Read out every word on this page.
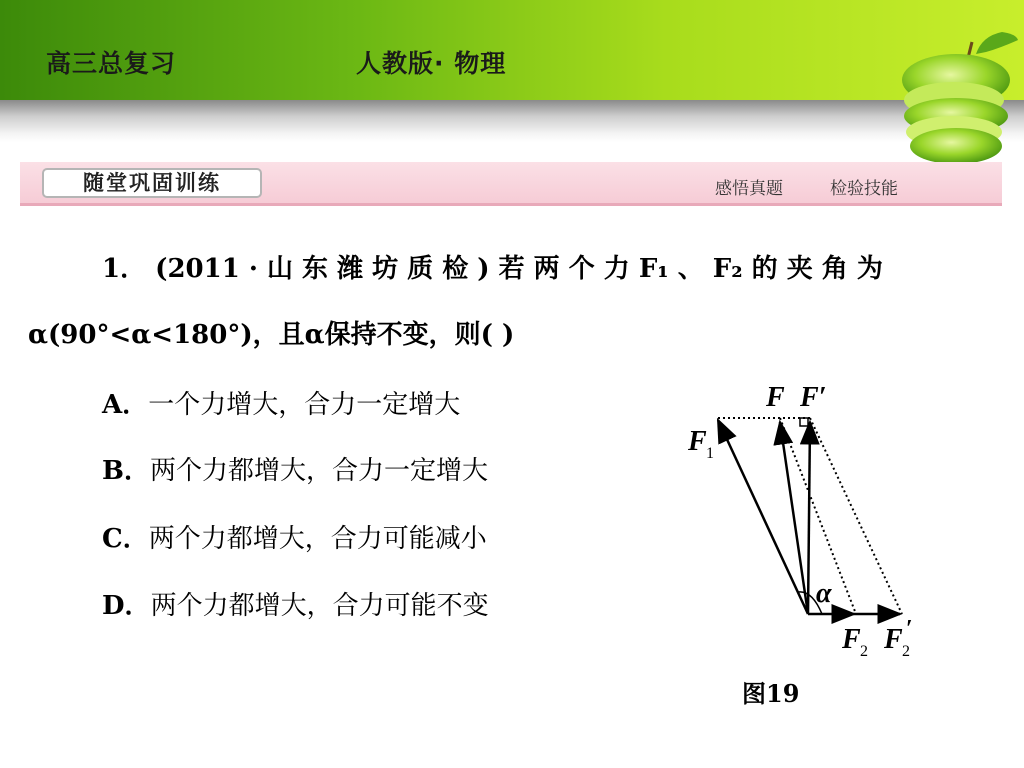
高三总复习	人教版· 物理
随堂巩固训练	感悟真题	检验技能
1． (2011 · 山 东 潍 坊 质 检 ) 若 两 个 力 F₁ 、 F₂ 的 夹 角 为
α(90°<α<180°)，且α保持不变，则( )
A．一个力增大，合力一定增大
B．两个力都增大，合力一定增大
C．两个力都增大，合力可能减小
D．两个力都增大，合力可能不变
F F′
F 1
α
F 2 F 2
′
图19
